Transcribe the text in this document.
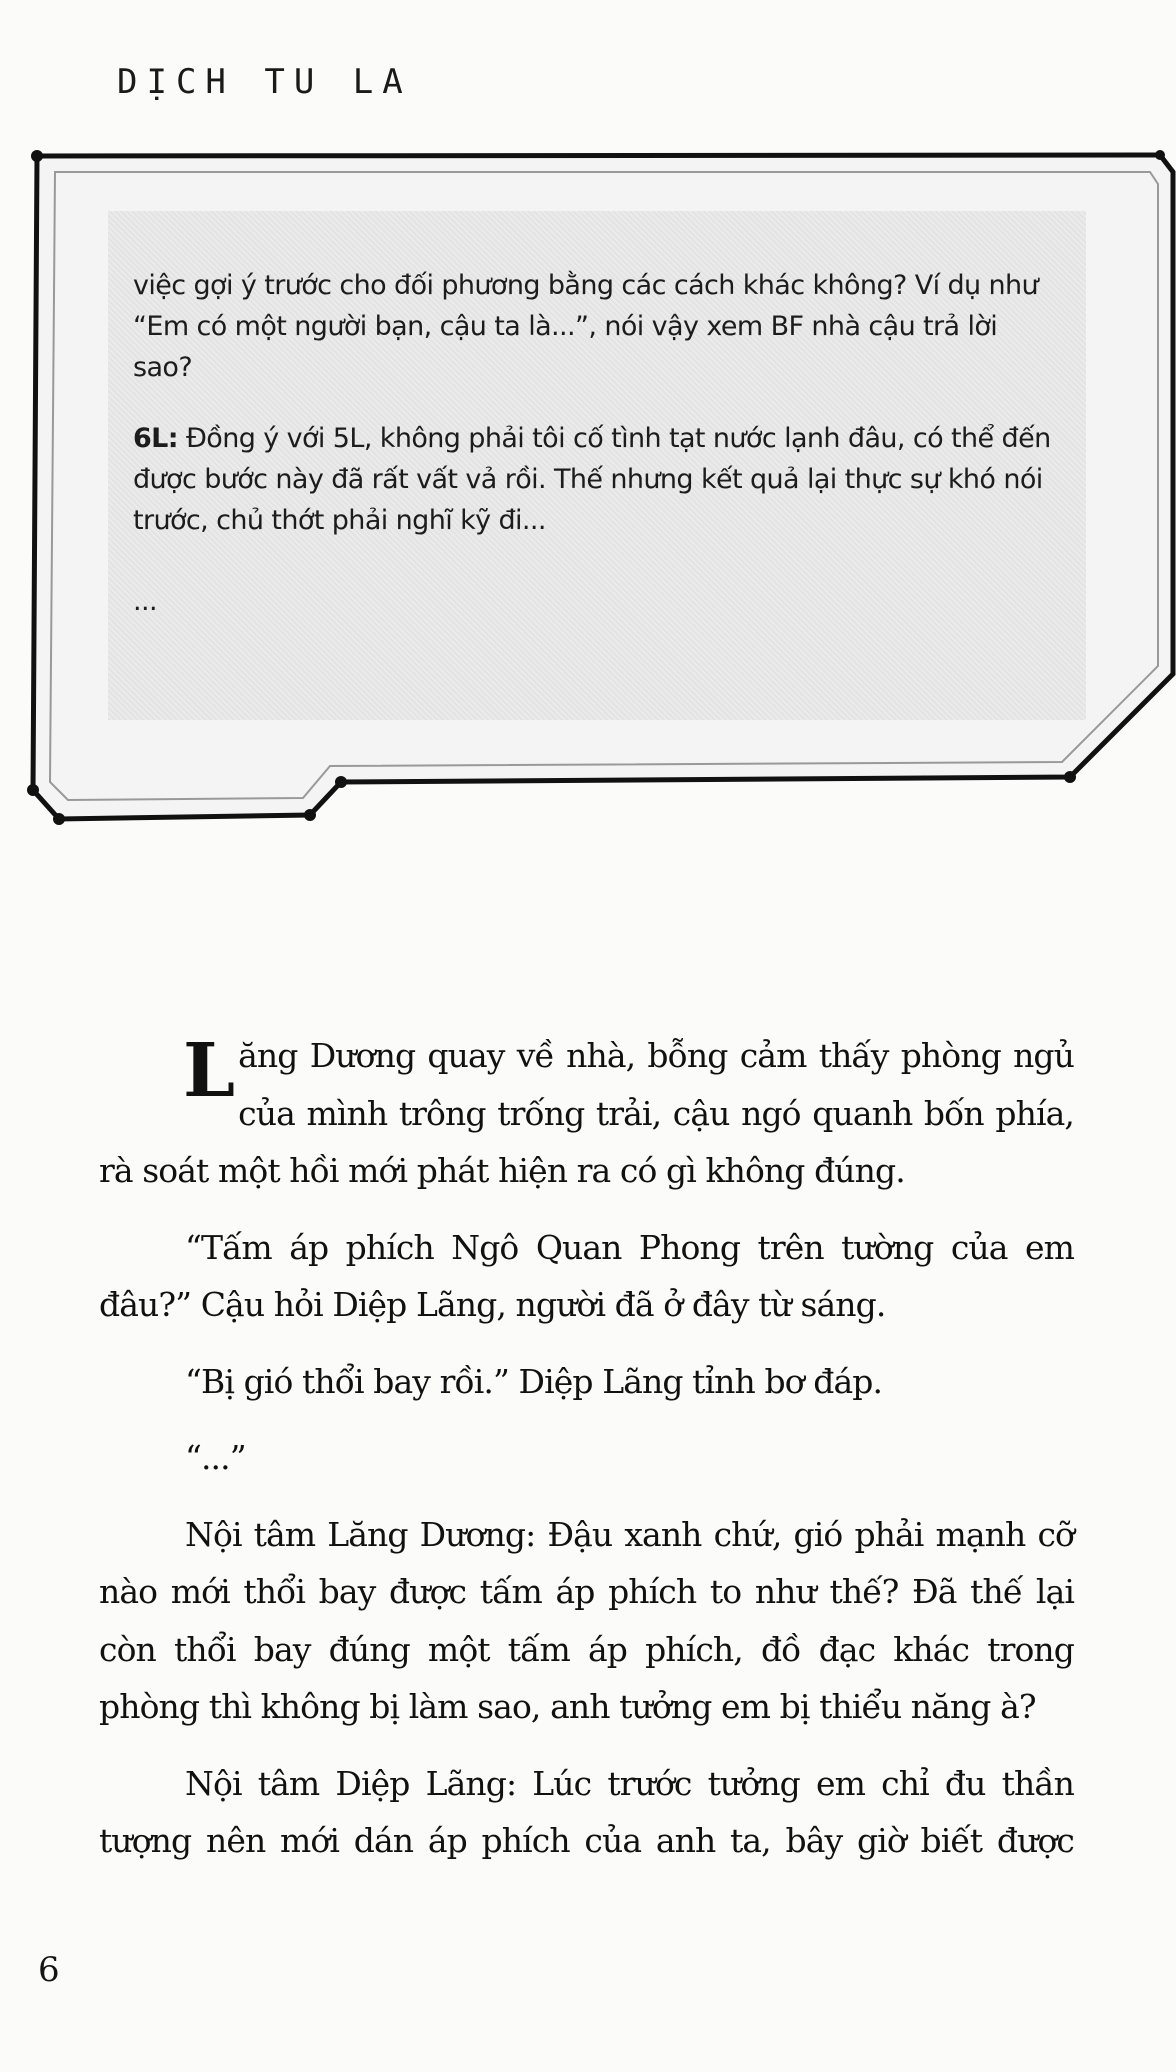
DỊCH TU LA

việc gợi ý trước cho đối phương bằng các cách khác không? Ví dụ như “Em có một người bạn, cậu ta là...”, nói vậy xem BF nhà cậu trả lời sao?

6L: Đồng ý với 5L, không phải tôi cố tình tạt nước lạnh đâu, có thể đến được bước này đã rất vất vả rồi. Thế nhưng kết quả lại thực sự khó nói trước, chủ thớt phải nghĩ kỹ đi...

...

Lăng Dương quay về nhà, bỗng cảm thấy phòng ngủ của mình trông trống trải, cậu ngó quanh bốn phía, rà soát một hồi mới phát hiện ra có gì không đúng.

“Tấm áp phích Ngô Quan Phong trên tường của em đâu?” Cậu hỏi Diệp Lãng, người đã ở đây từ sáng.

“Bị gió thổi bay rồi.” Diệp Lãng tỉnh bơ đáp.

“...”

Nội tâm Lăng Dương: Đậu xanh chứ, gió phải mạnh cỡ nào mới thổi bay được tấm áp phích to như thế? Đã thế lại còn thổi bay đúng một tấm áp phích, đồ đạc khác trong phòng thì không bị làm sao, anh tưởng em bị thiểu năng à?

Nội tâm Diệp Lãng: Lúc trước tưởng em chỉ đu thần tượng nên mới dán áp phích của anh ta, bây giờ biết được

6
